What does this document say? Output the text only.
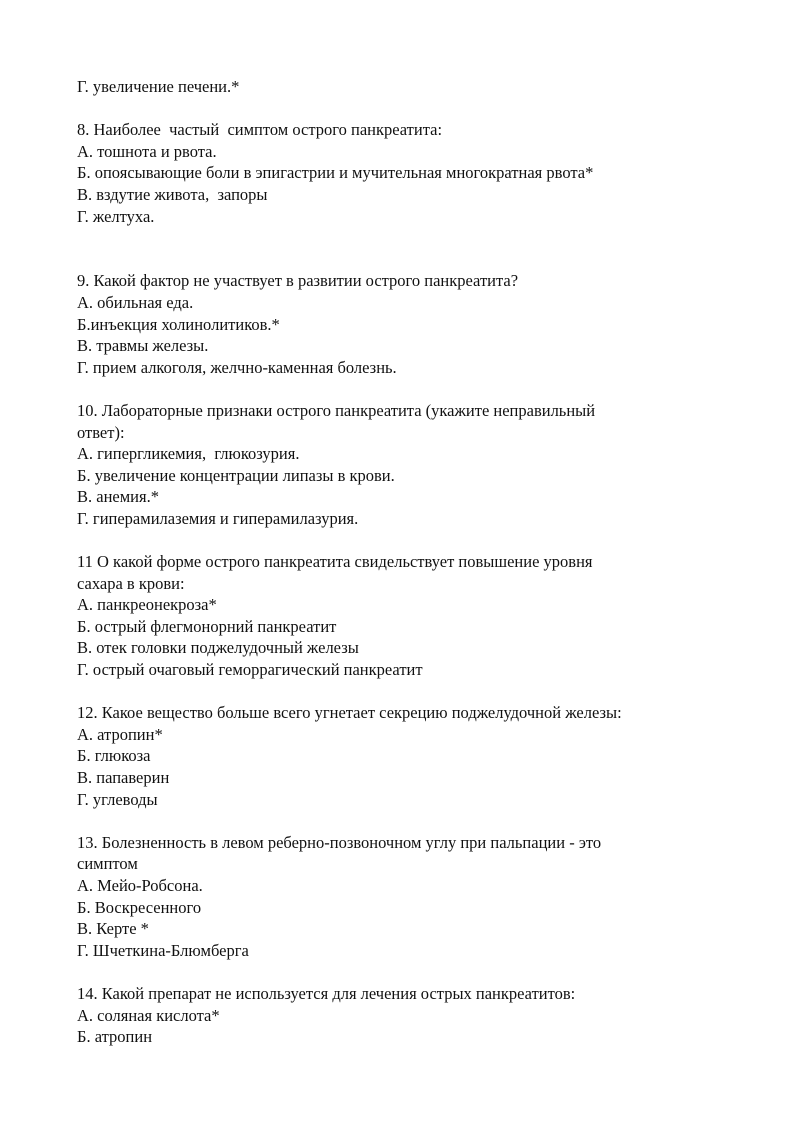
Г. увеличение печени.*

8. Наиболее  частый  симптом острого панкреатита:

А. тошнота и рвота.

Б. опоясывающие боли в эпигастрии и мучительная многократная рвота*

В. вздутие живота,  запоры

Г. желтуха.

9. Какой фактор не участвует в развитии острого панкреатита?

А. обильная еда.

Б.инъекция холинолитиков.*

В. травмы железы.

Г. прием алкоголя, желчно-каменная болезнь.

10. Лабораторные признаки острого панкреатита (укажите неправильный

ответ):

А. гипергликемия,  глюкозурия.

Б. увеличение концентрации липазы в крови.

В. анемия.*

Г. гиперамилаземия и гиперамилазурия.

11 О какой форме острого панкреатита свидельствует повышение уровня

сахара в крови:

А. панкреонекроза*

Б. острый флегмонорний панкреатит

В. отек головки поджелудочный железы

Г. острый очаговый геморрагический панкреатит

12. Какое вещество больше всего угнетает секрецию поджелудочной железы:

А. атропин*

Б. глюкоза

В. папаверин

Г. углеводы

13. Болезненность в левом реберно-позвоночном углу при пальпации - это

симптом

А. Мейо-Робсона.

Б. Воскресенного

В. Керте *

Г. Шчеткина-Блюмберга

14. Какой препарат не используется для лечения острых панкреатитов:

А. соляная кислота*

Б. атропин
